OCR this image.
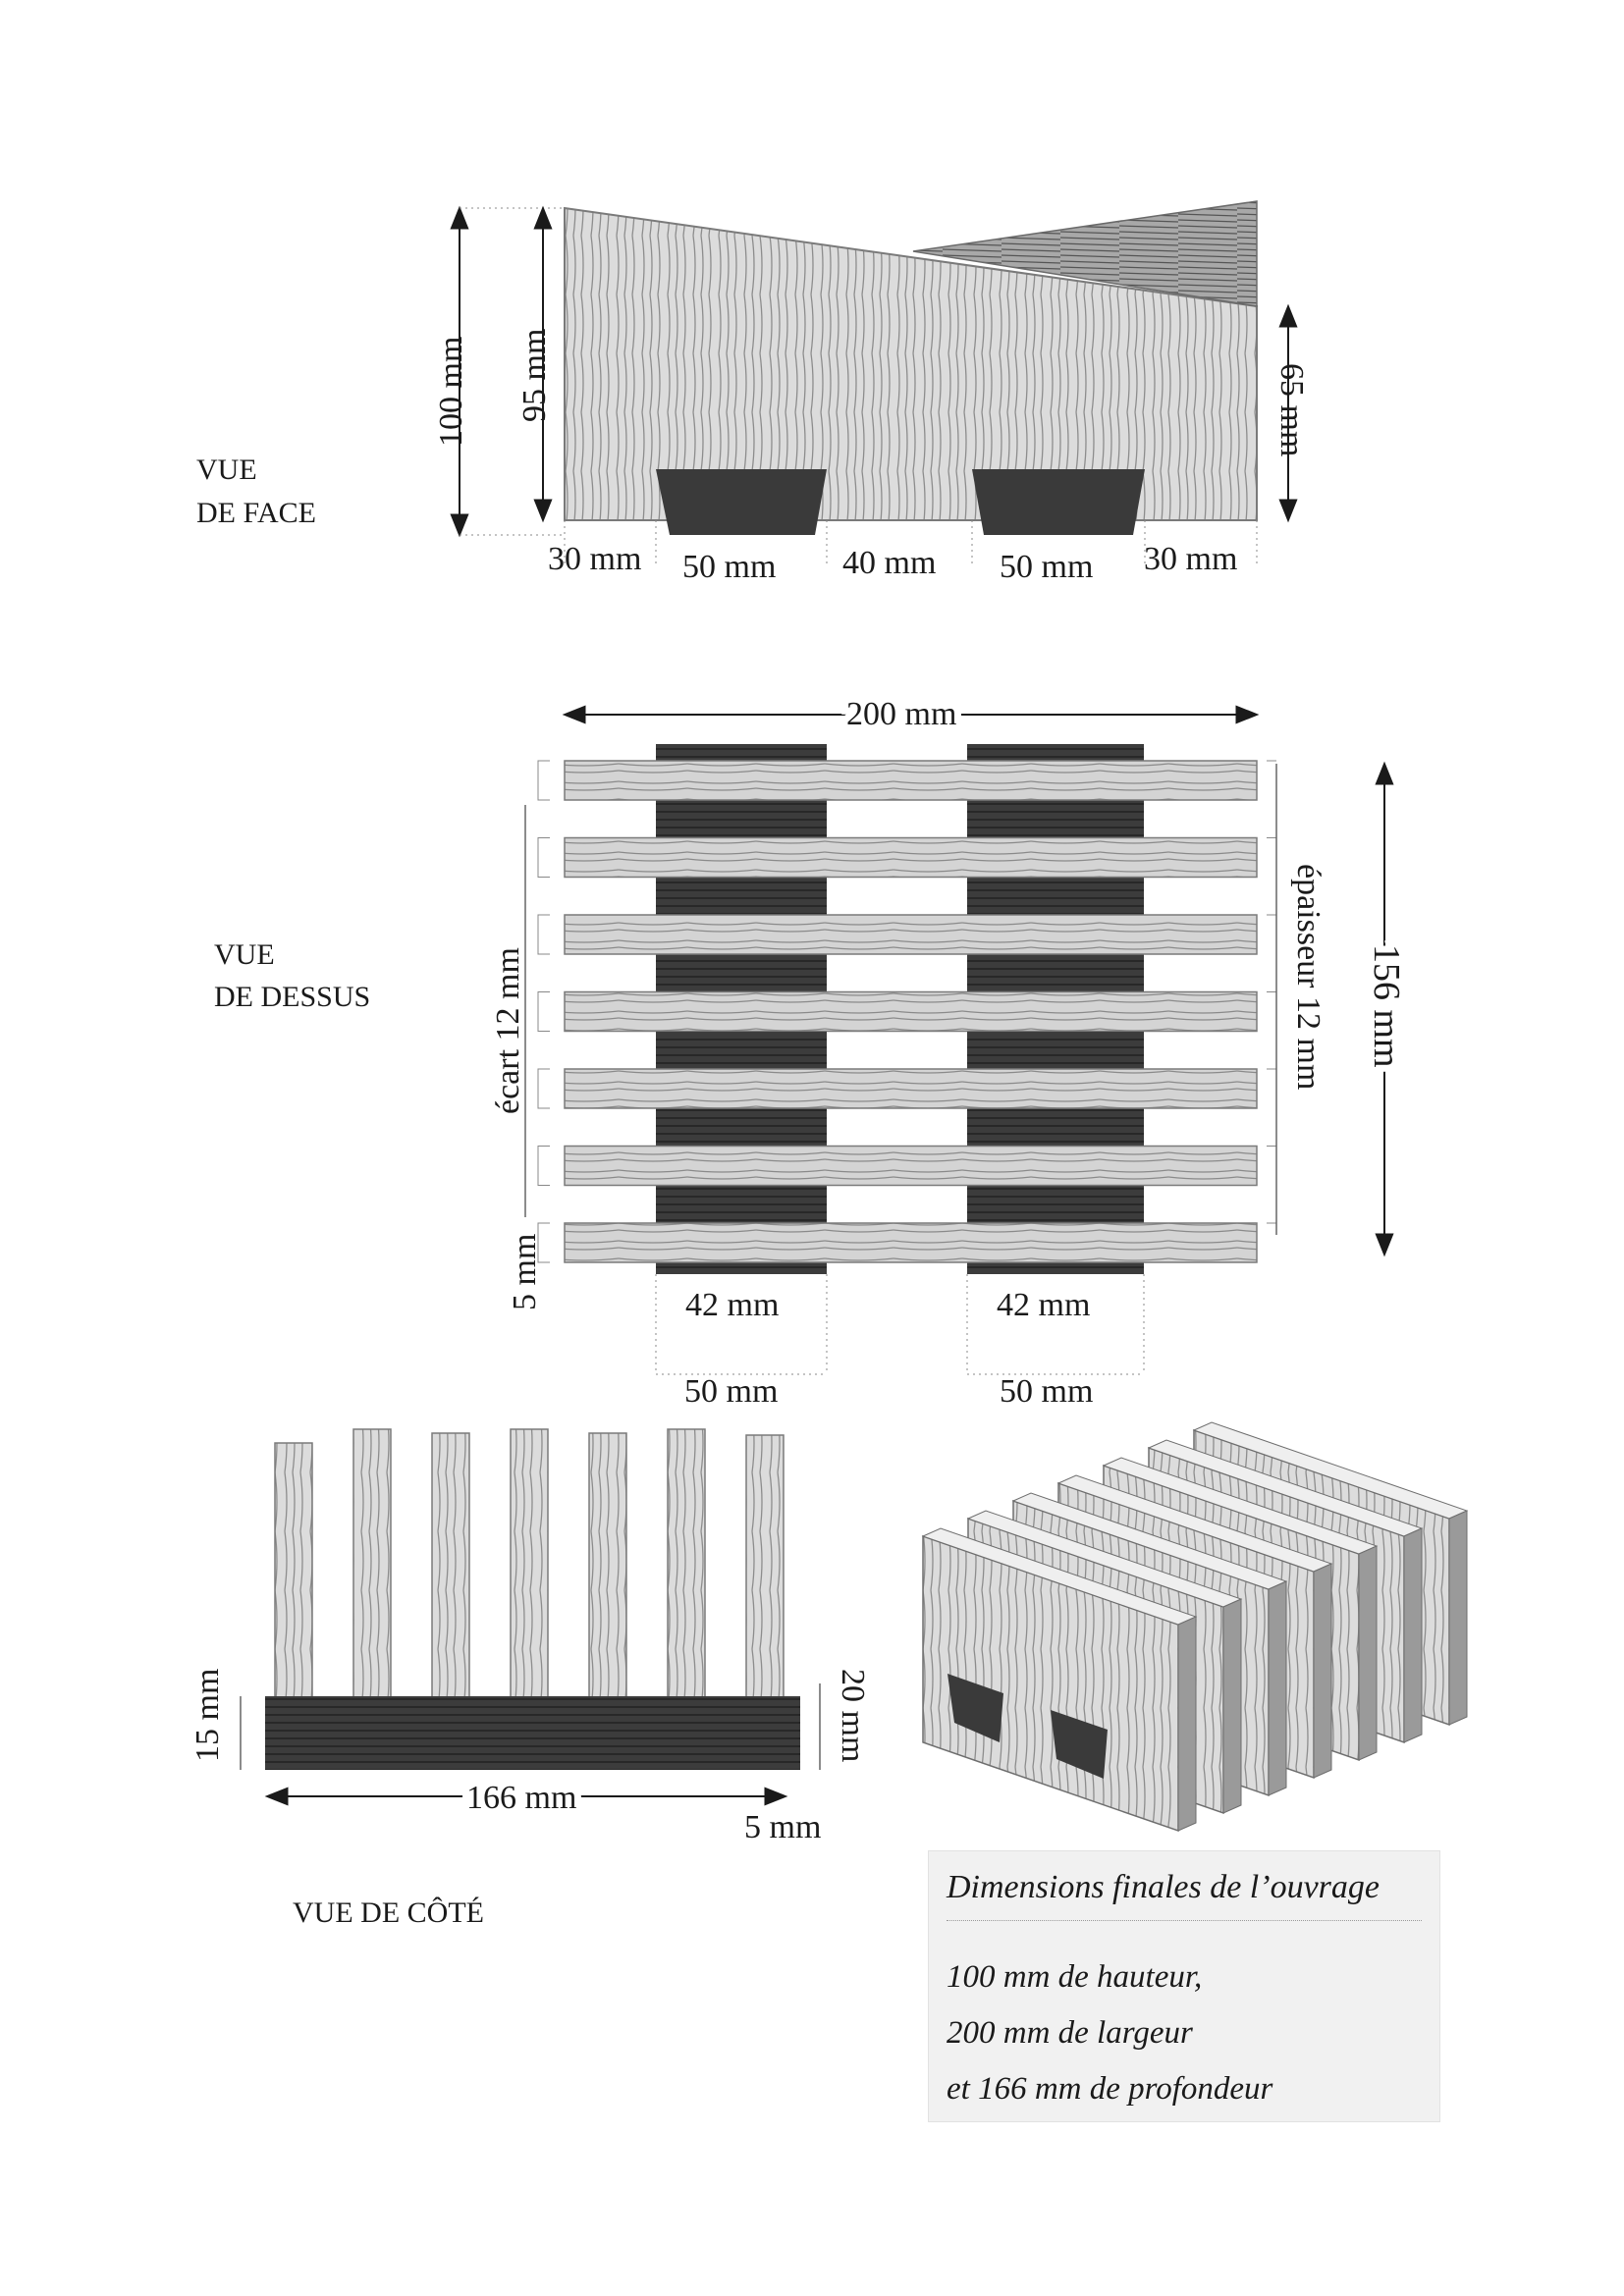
VUE
DE FACE
100 mm 95 mm	65 mm
30 mm 50 mm 40 mm 50 mm 30 mm
VUE
DE DESSUS
200 mm
156 mm
épaisseur 12 mm
écart 12 mm
5 mm	42 mm	42 mm
50 mm	50 mm
15 mm	20 mm
166 mm
5 mm
VUE DE CÔTÉ
Dimensions finales de l’ouvrage
100 mm de hauteur,
200 mm de largeur
et 166 mm de profondeur
